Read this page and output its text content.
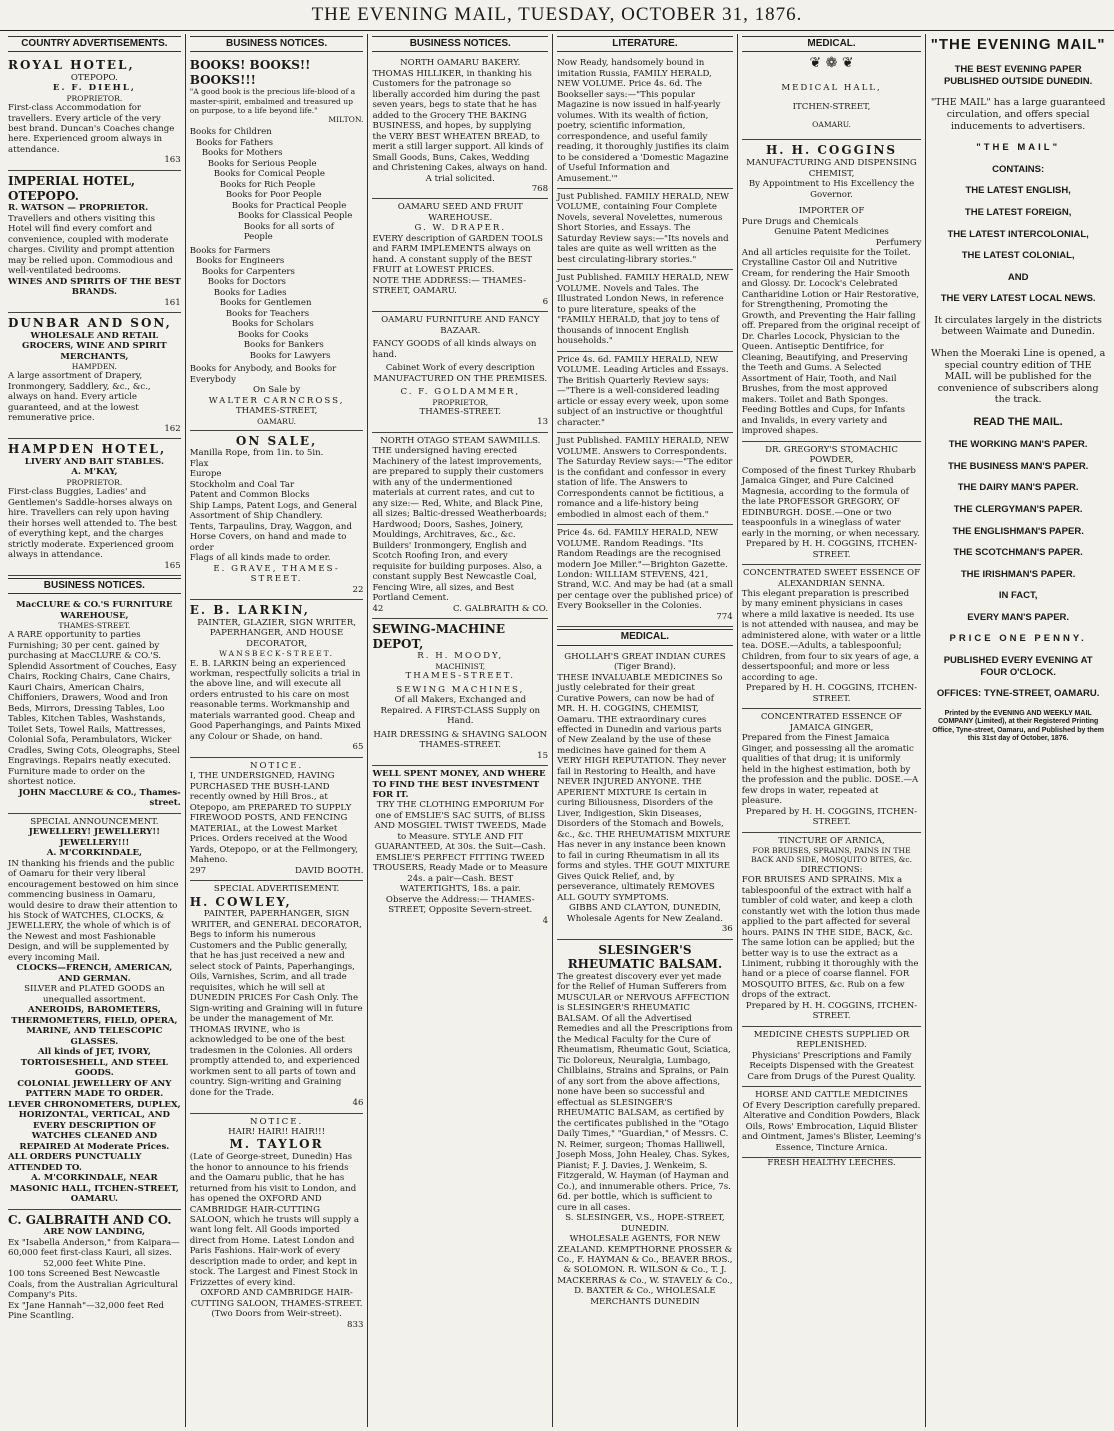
THE EVENING MAIL, TUESDAY, OCTOBER 31, 1876.
COUNTRY ADVERTISEMENTS.
ROYAL HOTEL,
OTEPOPO.
E. F. DIEHL,
PROPRIETOR.
First-class Accommodation for travellers. Every article of the very best brand. Duncan's Coaches change here. Experienced groom always in attendance.
163
IMPERIAL HOTEL, OTEPOPO.
R. WATSON — PROPRIETOR.
Travellers and others visiting this Hotel will find every comfort and convenience, coupled with moderate charges. Civility and prompt attention may be relied upon. Commodious and well-ventilated bedrooms.
WINES AND SPIRITS OF THE BEST BRANDS.
161
DUNBAR AND SON,
WHOLESALE AND RETAIL GROCERS, WINE AND SPIRIT MERCHANTS,
HAMPDEN.
A large assortment of Drapery, Ironmongery, Saddlery, &c., &c., always on hand. Every article guaranteed, and at the lowest remunerative price.
162
HAMPDEN HOTEL,
LIVERY AND BAIT STABLES.
A. M'KAY,
PROPRIETOR.
First-class Buggies, Ladies' and Gentlemen's Saddle-horses always on hire. Travellers can rely upon having their horses well attended to. The best of everything kept, and the charges strictly moderate. Experienced groom always in attendance.
165
BUSINESS NOTICES.
MacCLURE & CO.'S FURNITURE WAREHOUSE,
THAMES-STREET.
A RARE opportunity to parties Furnishing; 30 per cent. gained by purchasing at MacCLURE & CO.'S. Splendid Assortment of Couches, Easy Chairs, Rocking Chairs, Cane Chairs, Kauri Chairs, American Chairs, Chiffoniers, Drawers, Wood and Iron Beds, Mirrors, Dressing Tables, Loo Tables, Kitchen Tables, Washstands, Toilet Sets, Towel Rails, Mattresses, Colonial Sofa, Perambulators, Wicker Cradles, Swing Cots, Oleographs, Steel Engravings. Repairs neatly executed. Furniture made to order on the shortest notice.
JOHN MacCLURE & CO., Thames-street.
SPECIAL ANNOUNCEMENT.
JEWELLERY! JEWELLERY!! JEWELLERY!!!
A. M'CORKINDALE,
IN thanking his friends and the public of Oamaru for their very liberal encouragement bestowed on him since commencing business in Oamaru, would desire to draw their attention to his Stock of WATCHES, CLOCKS, & JEWELLERY, the whole of which is of the Newest and most Fashionable Design, and will be supplemented by every incoming Mail.
CLOCKS—FRENCH, AMERICAN, AND GERMAN.
SILVER and PLATED GOODS an unequalled assortment.
ANEROIDS, BAROMETERS, THERMOMETERS, FIELD, OPERA, MARINE, AND TELESCOPIC GLASSES.
All kinds of JET, IVORY, TORTOISESHELL, AND STEEL GOODS.
COLONIAL JEWELLERY OF ANY PATTERN MADE TO ORDER.
LEVER CHRONOMETERS, DUPLEX, HORIZONTAL, VERTICAL, AND EVERY DESCRIPTION OF WATCHES CLEANED AND REPAIRED At Moderate Prices.
ALL ORDERS PUNCTUALLY ATTENDED TO.
A. M'CORKINDALE, NEAR MASONIC HALL, ITCHEN-STREET, OAMARU.
C. GALBRAITH AND CO.
ARE NOW LANDING,
Ex "Isabella Anderson," from Kaipara—60,000 feet first-class Kauri, all sizes.
52,000 feet White Pine.
100 tons Screened Best Newcastle Coals, from the Australian Agricultural Company's Pits.
Ex "Jane Hannah"—32,000 feet Red Pine Scantling.
BUSINESS NOTICES.
BOOKS! BOOKS!! BOOKS!!!
"A good book is the precious life-blood of a master-spirit, embalmed and treasured up on purpose, to a life beyond life."
MILTON.
Books for Children
Books for Fathers
Books for Mothers
Books for Serious People
Books for Comical People
Books for Rich People
Books for Poor People
Books for Practical People
Books for Classical People
Books for all sorts of People
Books for Farmers
Books for Engineers
Books for Carpenters
Books for Doctors
Books for Ladies
Books for Gentlemen
Books for Teachers
Books for Scholars
Books for Cooks
Books for Bankers
Books for Lawyers
Books for Anybody, and Books for Everybody
On Sale by
WALTER CARNCROSS,
THAMES-STREET,
OAMARU.
ON SALE,
Manilla Rope, from 1in. to 5in.
Flax
Europe
Stockholm and Coal Tar
Patent and Common Blocks
Ship Lamps, Patent Logs, and General Assortment of Ship Chandlery.
Tents, Tarpaulins, Dray, Waggon, and Horse Covers, on hand and made to order
Flags of all kinds made to order.
E. GRAVE, THAMES-STREET.
22
E. B. LARKIN,
PAINTER, GLAZIER, SIGN WRITER, PAPERHANGER, AND HOUSE DECORATOR,
WANSBECK-STREET.
E. B. LARKIN being an experienced workman, respectfully solicits a trial in the above line, and will execute all orders entrusted to his care on most reasonable terms. Workmanship and materials warranted good. Cheap and Good Paperhangings, and Paints Mixed any Colour or Shade, on hand.
65
NOTICE.
I, THE UNDERSIGNED, HAVING PURCHASED THE BUSH-LAND recently owned by Hill Bros., at Otepopo, am PREPARED TO SUPPLY FIREWOOD POSTS, AND FENCING MATERIAL, at the Lowest Market Prices. Orders received at the Wood Yards, Otepopo, or at the Fellmongery, Maheno.
297	DAVID BOOTH.
SPECIAL ADVERTISEMENT.
H. COWLEY,
PAINTER, PAPERHANGER, SIGN WRITER, and GENERAL DECORATOR,
Begs to inform his numerous Customers and the Public generally, that he has just received a new and select stock of Paints, Paperhangings, Oils, Varnishes, Scrim, and all trade requisites, which he will sell at DUNEDIN PRICES For Cash Only. The Sign-writing and Graining will in future be under the management of Mr. THOMAS IRVINE, who is acknowledged to be one of the best tradesmen in the Colonies. All orders promptly attended to, and experienced workmen sent to all parts of town and country. Sign-writing and Graining done for the Trade.
46
NOTICE.
HAIR! HAIR!! HAIR!!!
M. TAYLOR
(Late of George-street, Dunedin) Has the honor to announce to his friends and the Oamaru public, that he has returned from his visit to London, and has opened the OXFORD AND CAMBRIDGE HAIR-CUTTING SALOON, which he trusts will supply a want long felt. All Goods imported direct from Home. Latest London and Paris Fashions. Hair-work of every description made to order, and kept in stock. The Largest and Finest Stock in Frizzettes of every kind.
OXFORD AND CAMBRIDGE HAIR-CUTTING SALOON, THAMES-STREET. (Two Doors from Weir-street).
833
BUSINESS NOTICES.
NORTH OAMARU BAKERY.
THOMAS HILLIKER, in thanking his Customers for the patronage so liberally accorded him during the past seven years, begs to state that he has added to the Grocery THE BAKING BUSINESS, and hopes, by supplying the VERY BEST WHEATEN BREAD, to merit a still larger support. All kinds of Small Goods, Buns, Cakes, Wedding and Christening Cakes, always on hand.
A trial solicited.
768
OAMARU SEED AND FRUIT WAREHOUSE.
G. W. DRAPER.
EVERY description of GARDEN TOOLS and FARM IMPLEMENTS always on hand. A constant supply of the BEST FRUIT at LOWEST PRICES.
NOTE THE ADDRESS:— THAMES-STREET, OAMARU.
6
OAMARU FURNITURE AND FANCY BAZAAR.
FANCY GOODS of all kinds always on hand.
Cabinet Work of every description MANUFACTURED ON THE PREMISES.
C. F. GOLDAMMER,
PROPRIETOR,
THAMES-STREET.
13
NORTH OTAGO STEAM SAWMILLS.
THE undersigned having erected Machinery of the latest improvements, are prepared to supply their customers with any of the undermentioned materials at current rates, and cut to any size:— Red, White, and Black Pine, all sizes; Baltic-dressed Weatherboards; Hardwood; Doors, Sashes, Joinery, Mouldings, Architraves, &c., &c. Builders' Ironmongery, English and Scotch Roofing Iron, and every requisite for building purposes. Also, a constant supply Best Newcastle Coal, Fencing Wire, all sizes, and Best Portland Cement.
42	C. GALBRAITH & CO.
SEWING-MACHINE DEPOT,
R. H. MOODY,
MACHINIST,
THAMES-STREET.
SEWING MACHINES,
Of all Makers, Exchanged and Repaired. A FIRST-CLASS Supply on Hand.
HAIR DRESSING & SHAVING SALOON
THAMES-STREET.
15
WELL SPENT MONEY, AND WHERE TO FIND THE BEST INVESTMENT FOR IT.
TRY THE CLOTHING EMPORIUM For one of EMSLIE'S SAC SUITS, of BLISS AND MOSGIEL TWIST TWEEDS, Made to Measure. STYLE AND FIT GUARANTEED, At 30s. the Suit—Cash. EMSLIE'S PERFECT FITTING TWEED TROUSERS, Ready Made or to Measure 24s. a pair—Cash. BEST WATERTIGHTS, 18s. a pair.
Observe the Address:— THAMES-STREET, Opposite Severn-street.
4
LITERATURE.
Now Ready, handsomely bound in imitation Russia, FAMILY HERALD, NEW VOLUME. Price 4s. 6d. The Bookseller says:—"This popular Magazine is now issued in half-yearly volumes. With its wealth of fiction, poetry, scientific information, correspondence, and useful family reading, it thoroughly justifies its claim to be considered a 'Domestic Magazine of Useful Information and Amusement.'"
Just Published. FAMILY HERALD, NEW VOLUME, containing Four Complete Novels, several Novelettes, numerous Short Stories, and Essays. The Saturday Review says:—"Its novels and tales are quite as well written as the best circulating-library stories."
Just Published. FAMILY HERALD, NEW VOLUME. Novels and Tales. The Illustrated London News, in reference to pure literature, speaks of the "FAMILY HERALD, that joy to tens of thousands of innocent English households."
Price 4s. 6d. FAMILY HERALD, NEW VOLUME. Leading Articles and Essays. The British Quarterly Review says:—"There is a well-considered leading article or essay every week, upon some subject of an instructive or thoughtful character."
Just Published. FAMILY HERALD, NEW VOLUME. Answers to Correspondents. The Saturday Review says:—"The editor is the confidant and confessor in every station of life. The Answers to Correspondents cannot be fictitious, a romance and a life-history being embodied in almost each of them."
Price 4s. 6d. FAMILY HERALD, NEW VOLUME. Random Readings. "Its Random Readings are the recognised modern Joe Miller."—Brighton Gazette. London: WILLIAM STEVENS, 421, Strand, W.C. And may be had (at a small per centage over the published price) of Every Bookseller in the Colonies.
774
MEDICAL.
GHOLLAH'S GREAT INDIAN CURES
(Tiger Brand).
THESE INVALUABLE MEDICINES So justly celebrated for their great Curative Powers, can now be had of MR. H. H. COGGINS, CHEMIST, Oamaru. THE extraordinary cures effected in Dunedin and various parts of New Zealand by the use of these medicines have gained for them A VERY HIGH REPUTATION. They never fail in Restoring to Health, and have NEVER INJURED ANYONE. THE APERIENT MIXTURE Is certain in curing Biliousness, Disorders of the Liver, Indigestion, Skin Diseases, Disorders of the Stomach and Bowels, &c., &c. THE RHEUMATISM MIXTURE Has never in any instance been known to fail in curing Rheumatism in all its forms and styles. THE GOUT MIXTURE Gives Quick Relief, and, by perseverance, ultimately REMOVES ALL GOUTY SYMPTOMS.
GIBBS AND CLAYTON, DUNEDIN, Wholesale Agents for New Zealand.
36
SLESINGER'S RHEUMATIC BALSAM.
The greatest discovery ever yet made for the Relief of Human Sufferers from MUSCULAR or NERVOUS AFFECTION is SLESINGER'S RHEUMATIC BALSAM. Of all the Advertised Remedies and all the Prescriptions from the Medical Faculty for the Cure of Rheumatism, Rheumatic Gout, Sciatica, Tic Doloreux, Neuralgia, Lumbago, Chilblains, Strains and Sprains, or Pain of any sort from the above affections, none have been so successful and effectual as SLESINGER'S RHEUMATIC BALSAM, as certified by the certificates published in the "Otago Daily Times," "Guardian," of Messrs. C. N. Reimer, surgeon; Thomas Halliwell, Joseph Moss, John Healey, Chas. Sykes, Pianist; F. J. Davies, J. Wenkeim, S. Fitzgerald, W. Hayman (of Hayman and Co.), and innumerable others. Price, 7s. 6d. per bottle, which is sufficient to cure in all cases.
S. SLESINGER, V.S., HOPE-STREET, DUNEDIN.
WHOLESALE AGENTS, FOR NEW ZEALAND. KEMPTHORNE PROSSER & Co., F. HAYMAN & Co., BEAVER BROS., & SOLOMON. R. WILSON & Co., T. J. MACKERRAS & Co., W. STAVELY & Co., D. BAXTER & Co., WHOLESALE MERCHANTS DUNEDIN
MEDICAL.
❦ ❁ ❦
MEDICAL HALL,
ITCHEN-STREET,
OAMARU.
H. H. COGGINS
MANUFACTURING AND DISPENSING CHEMIST,
By Appointment to His Excellency the Governor.
IMPORTER OF
Pure Drugs and Chemicals
Genuine Patent Medicines
Perfumery
And all articles requisite for the Toilet.
Crystalline Castor Oil and Nutritive Cream, for rendering the Hair Smooth and Glossy. Dr. Locock's Celebrated Cantharidine Lotion or Hair Restorative, for Strengthening, Promoting the Growth, and Preventing the Hair falling off. Prepared from the original receipt of Dr. Charles Locock, Physician to the Queen. Antiseptic Dentifrice, for Cleaning, Beautifying, and Preserving the Teeth and Gums. A Selected Assortment of Hair, Tooth, and Nail Brushes, from the most approved makers. Toilet and Bath Sponges. Feeding Bottles and Cups, for Infants and Invalids, in every variety and improved shapes.
DR. GREGORY'S STOMACHIC POWDER,
Composed of the finest Turkey Rhubarb Jamaica Ginger, and Pure Calcined Magnesia, according to the formula of the late PROFESSOR GREGORY, OF EDINBURGH. DOSE.—One or two teaspoonfuls in a wineglass of water early in the morning, or when necessary.
Prepared by H. H. COGGINS, ITCHEN-STREET.
CONCENTRATED SWEET ESSENCE OF ALEXANDRIAN SENNA.
This elegant preparation is prescribed by many eminent physicians in cases where a mild laxative is needed. Its use is not attended with nausea, and may be administered alone, with water or a little tea. DOSE.—Adults, a tablespoonful; Children, from four to six years of age, a dessertspoonful; and more or less according to age.
Prepared by H. H. COGGINS, ITCHEN-STREET.
CONCENTRATED ESSENCE OF JAMAICA GINGER,
Prepared from the Finest Jamaica Ginger, and possessing all the aromatic qualities of that drug; it is uniformly held in the highest estimation, both by the profession and the public. DOSE.—A few drops in water, repeated at pleasure.
Prepared by H. H. COGGINS, ITCHEN-STREET.
TINCTURE OF ARNICA,
FOR BRUISES, SPRAINS, PAINS IN THE BACK AND SIDE, MOSQUITO BITES, &c.
DIRECTIONS:
FOR BRUISES AND SPRAINS. Mix a tablespoonful of the extract with half a tumbler of cold water, and keep a cloth constantly wet with the lotion thus made applied to the part affected for several hours. PAINS IN THE SIDE, BACK, &c. The same lotion can be applied; but the better way is to use the extract as a Liniment, rubbing it thoroughly with the hand or a piece of coarse flannel. FOR MOSQUITO BITES, &c. Rub on a few drops of the extract.
Prepared by H. H. COGGINS, ITCHEN-STREET.
MEDICINE CHESTS SUPPLIED OR REPLENISHED.
Physicians' Prescriptions and Family Receipts Dispensed with the Greatest Care from Drugs of the Purest Quality.
HORSE AND CATTLE MEDICINES
Of Every Description carefully prepared. Alterative and Condition Powders, Black Oils, Rows' Embrocation, Liquid Blister and Ointment, James's Blister, Leeming's Essence, Tincture Arnica.
FRESH HEALTHY LEECHES.
"THE EVENING MAIL"
THE BEST EVENING PAPER PUBLISHED OUTSIDE DUNEDIN.
"THE MAIL" has a large guaranteed circulation, and offers special inducements to advertisers.
"THE MAIL"
CONTAINS:
THE LATEST ENGLISH,
THE LATEST FOREIGN,
THE LATEST INTERCOLONIAL,
THE LATEST COLONIAL,
AND
THE VERY LATEST LOCAL NEWS.
It circulates largely in the districts between Waimate and Dunedin.
When the Moeraki Line is opened, a special country edition of THE MAIL will be published for the convenience of subscribers along the track.
READ THE MAIL.
THE WORKING MAN'S PAPER.
THE BUSINESS MAN'S PAPER.
THE DAIRY MAN'S PAPER.
THE CLERGYMAN'S PAPER.
THE ENGLISHMAN'S PAPER.
THE SCOTCHMAN'S PAPER.
THE IRISHMAN'S PAPER.
IN FACT,
EVERY MAN'S PAPER.
PRICE ONE PENNY.
PUBLISHED EVERY EVENING AT FOUR O'CLOCK.
OFFICES: TYNE-STREET, OAMARU.
Printed by the EVENING AND WEEKLY MAIL COMPANY (Limited), at their Registered Printing Office, Tyne-street, Oamaru, and Published by them this 31st day of October, 1876.
